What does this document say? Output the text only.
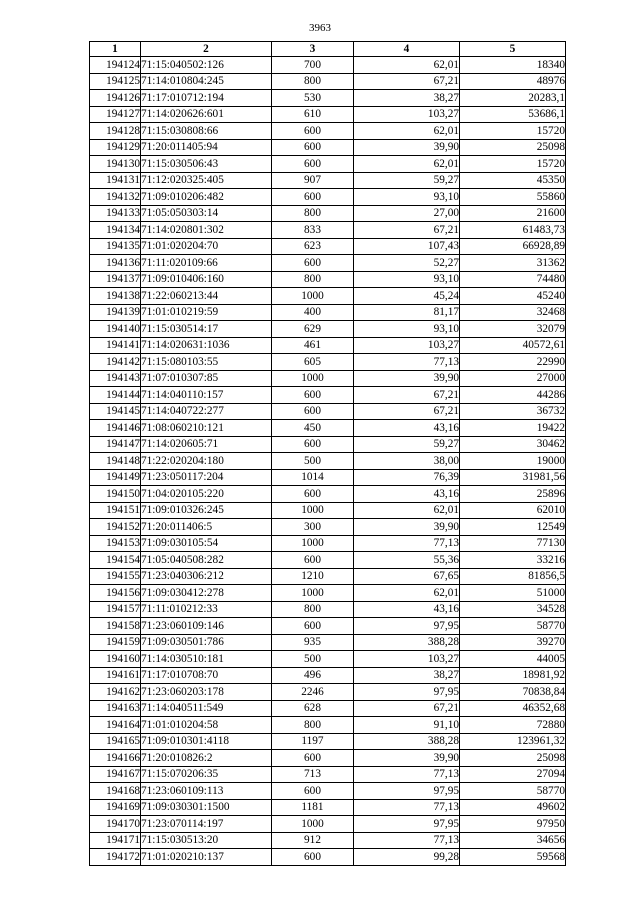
3963
1	2	3	4	5
194124	71:15:040502:126	700	62,01	18340
194125	71:14:010804:245	800	67,21	48976
194126	71:17:010712:194	530	38,27	20283,1
194127	71:14:020626:601	610	103,27	53686,1
194128	71:15:030808:66	600	62,01	15720
194129	71:20:011405:94	600	39,90	25098
194130	71:15:030506:43	600	62,01	15720
194131	71:12:020325:405	907	59,27	45350
194132	71:09:010206:482	600	93,10	55860
194133	71:05:050303:14	800	27,00	21600
194134	71:14:020801:302	833	67,21	61483,73
194135	71:01:020204:70	623	107,43	66928,89
194136	71:11:020109:66	600	52,27	31362
194137	71:09:010406:160	800	93,10	74480
194138	71:22:060213:44	1000	45,24	45240
194139	71:01:010219:59	400	81,17	32468
194140	71:15:030514:17	629	93,10	32079
194141	71:14:020631:1036	461	103,27	40572,61
194142	71:15:080103:55	605	77,13	22990
194143	71:07:010307:85	1000	39,90	27000
194144	71:14:040110:157	600	67,21	44286
194145	71:14:040722:277	600	67,21	36732
194146	71:08:060210:121	450	43,16	19422
194147	71:14:020605:71	600	59,27	30462
194148	71:22:020204:180	500	38,00	19000
194149	71:23:050117:204	1014	76,39	31981,56
194150	71:04:020105:220	600	43,16	25896
194151	71:09:010326:245	1000	62,01	62010
194152	71:20:011406:5	300	39,90	12549
194153	71:09:030105:54	1000	77,13	77130
194154	71:05:040508:282	600	55,36	33216
194155	71:23:040306:212	1210	67,65	81856,5
194156	71:09:030412:278	1000	62,01	51000
194157	71:11:010212:33	800	43,16	34528
194158	71:23:060109:146	600	97,95	58770
194159	71:09:030501:786	935	388,28	39270
194160	71:14:030510:181	500	103,27	44005
194161	71:17:010708:70	496	38,27	18981,92
194162	71:23:060203:178	2246	97,95	70838,84
194163	71:14:040511:549	628	67,21	46352,68
194164	71:01:010204:58	800	91,10	72880
194165	71:09:010301:4118	1197	388,28	123961,32
194166	71:20:010826:2	600	39,90	25098
194167	71:15:070206:35	713	77,13	27094
194168	71:23:060109:113	600	97,95	58770
194169	71:09:030301:1500	1181	77,13	49602
194170	71:23:070114:197	1000	97,95	97950
194171	71:15:030513:20	912	77,13	34656
194172	71:01:020210:137	600	99,28	59568
